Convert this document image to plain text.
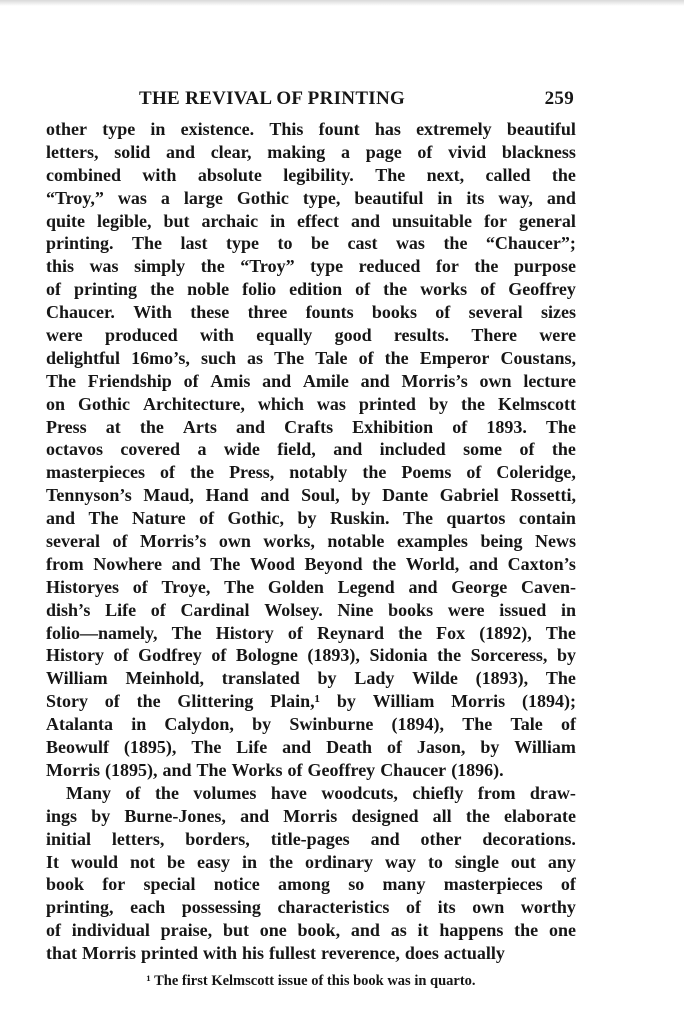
THE REVIVAL OF PRINTING	259
other type in existence. This fount has extremely beautiful
letters, solid and clear, making a page of vivid blackness
combined with absolute legibility. The next, called the
“Troy,” was a large Gothic type, beautiful in its way, and
quite legible, but archaic in effect and unsuitable for general
printing. The last type to be cast was the “Chaucer”;
this was simply the “Troy” type reduced for the purpose
of printing the noble folio edition of the works of Geoffrey
Chaucer. With these three founts books of several sizes
were produced with equally good results. There were
delightful 16mo’s, such as The Tale of the Emperor Coustans,
The Friendship of Amis and Amile and Morris’s own lecture
on Gothic Architecture, which was printed by the Kelmscott
Press at the Arts and Crafts Exhibition of 1893. The
octavos covered a wide field, and included some of the
masterpieces of the Press, notably the Poems of Coleridge,
Tennyson’s Maud, Hand and Soul, by Dante Gabriel Rossetti,
and The Nature of Gothic, by Ruskin. The quartos contain
several of Morris’s own works, notable examples being News
from Nowhere and The Wood Beyond the World, and Caxton’s
Historyes of Troye, The Golden Legend and George Caven-
dish’s Life of Cardinal Wolsey. Nine books were issued in
folio—namely, The History of Reynard the Fox (1892), The
History of Godfrey of Bologne (1893), Sidonia the Sorceress, by
William Meinhold, translated by Lady Wilde (1893), The
Story of the Glittering Plain,¹ by William Morris (1894);
Atalanta in Calydon, by Swinburne (1894), The Tale of
Beowulf (1895), The Life and Death of Jason, by William
Morris (1895), and The Works of Geoffrey Chaucer (1896).
Many of the volumes have woodcuts, chiefly from draw-
ings by Burne-Jones, and Morris designed all the elaborate
initial letters, borders, title-pages and other decorations.
It would not be easy in the ordinary way to single out any
book for special notice among so many masterpieces of
printing, each possessing characteristics of its own worthy
of individual praise, but one book, and as it happens the one
that Morris printed with his fullest reverence, does actually
¹ The first Kelmscott issue of this book was in quarto.
